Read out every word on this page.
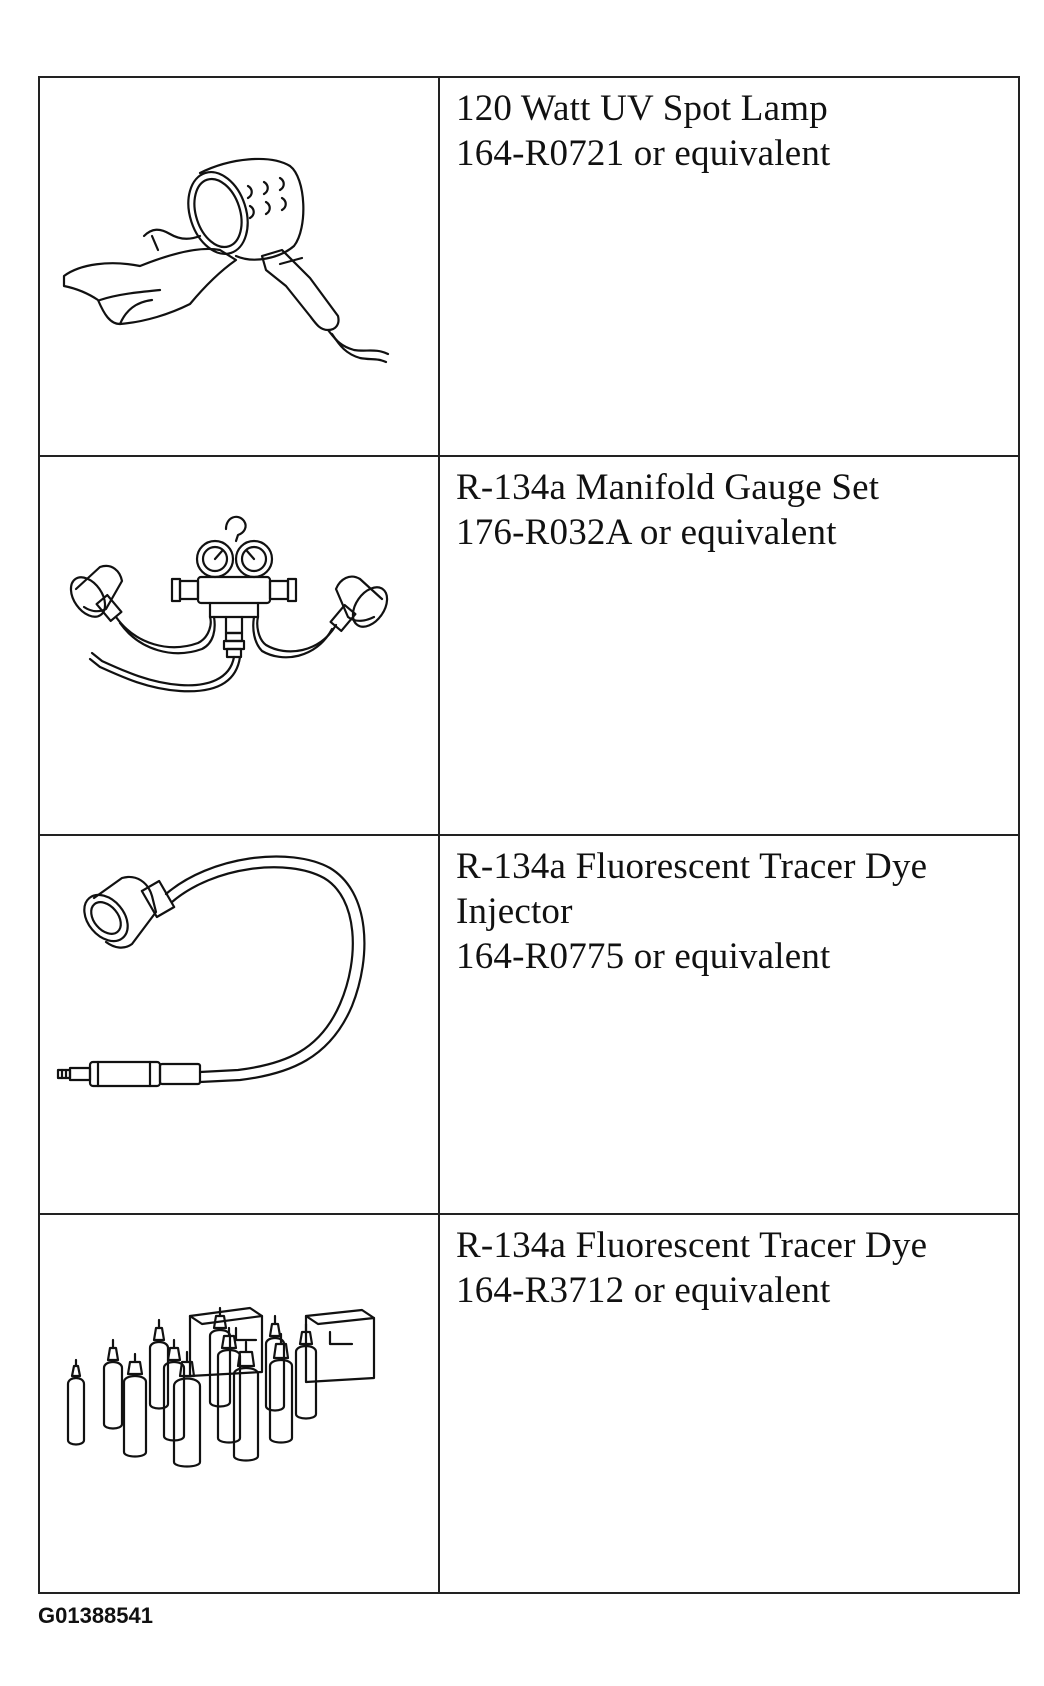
120 Watt UV Spot Lamp
164-R0721 or equivalent

R-134a Manifold Gauge Set
176-R032A or equivalent

R-134a Fluorescent Tracer Dye
Injector
164-R0775 or equivalent

R-134a Fluorescent Tracer Dye
164-R3712 or equivalent
G01388541
